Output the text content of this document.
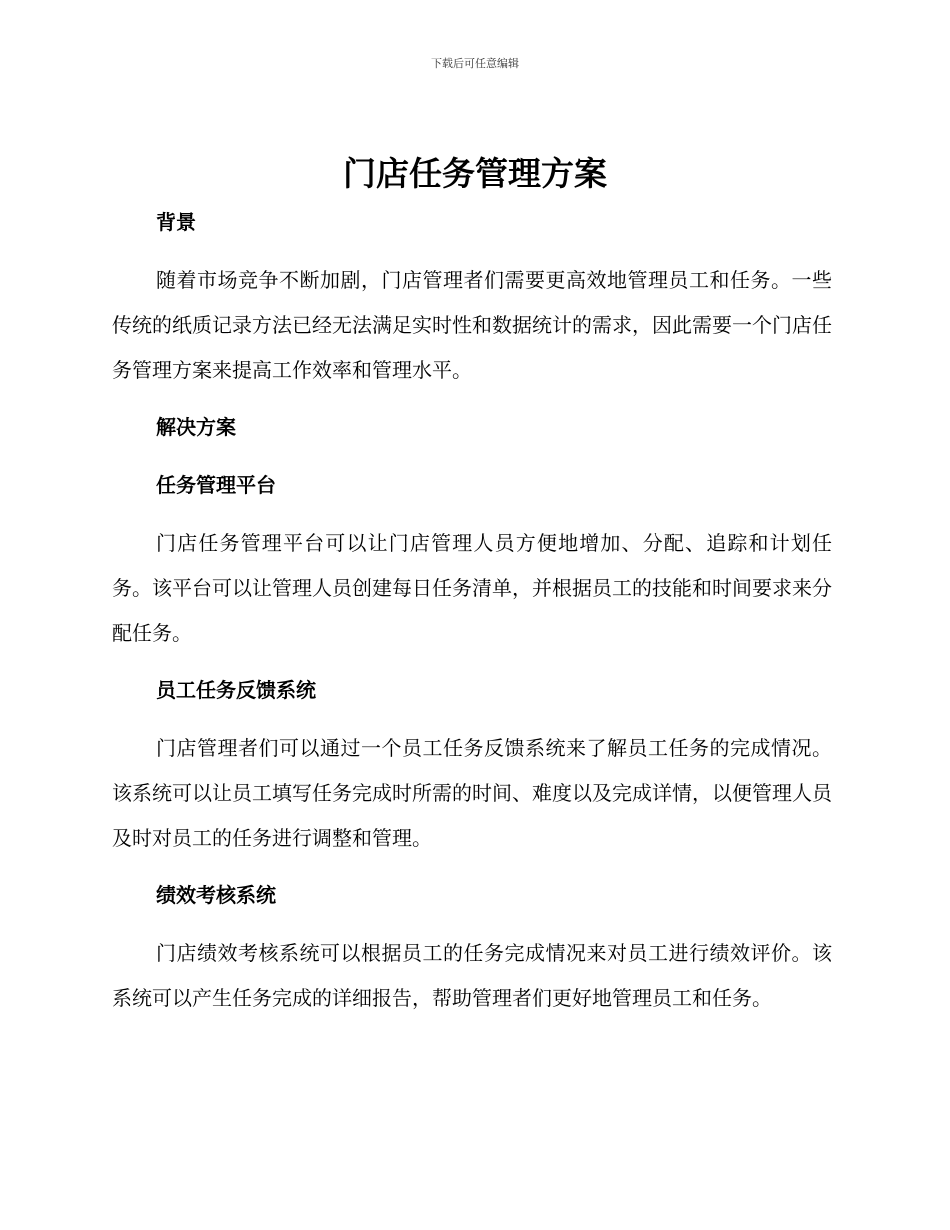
下载后可任意编辑
门店任务管理方案

背景

随着市场竞争不断加剧，门店管理者们需要更高效地管理员工和任务。一些传统的纸质记录方法已经无法满足实时性和数据统计的需求，因此需要一个门店任务管理方案来提高工作效率和管理水平。

解决方案

任务管理平台

门店任务管理平台可以让门店管理人员方便地增加、分配、追踪和计划任务。该平台可以让管理人员创建每日任务清单，并根据员工的技能和时间要求来分配任务。

员工任务反馈系统

门店管理者们可以通过一个员工任务反馈系统来了解员工任务的完成情况。该系统可以让员工填写任务完成时所需的时间、难度以及完成详情，以便管理人员及时对员工的任务进行调整和管理。

绩效考核系统

门店绩效考核系统可以根据员工的任务完成情况来对员工进行绩效评价。该系统可以产生任务完成的详细报告，帮助管理者们更好地管理员工和任务。
